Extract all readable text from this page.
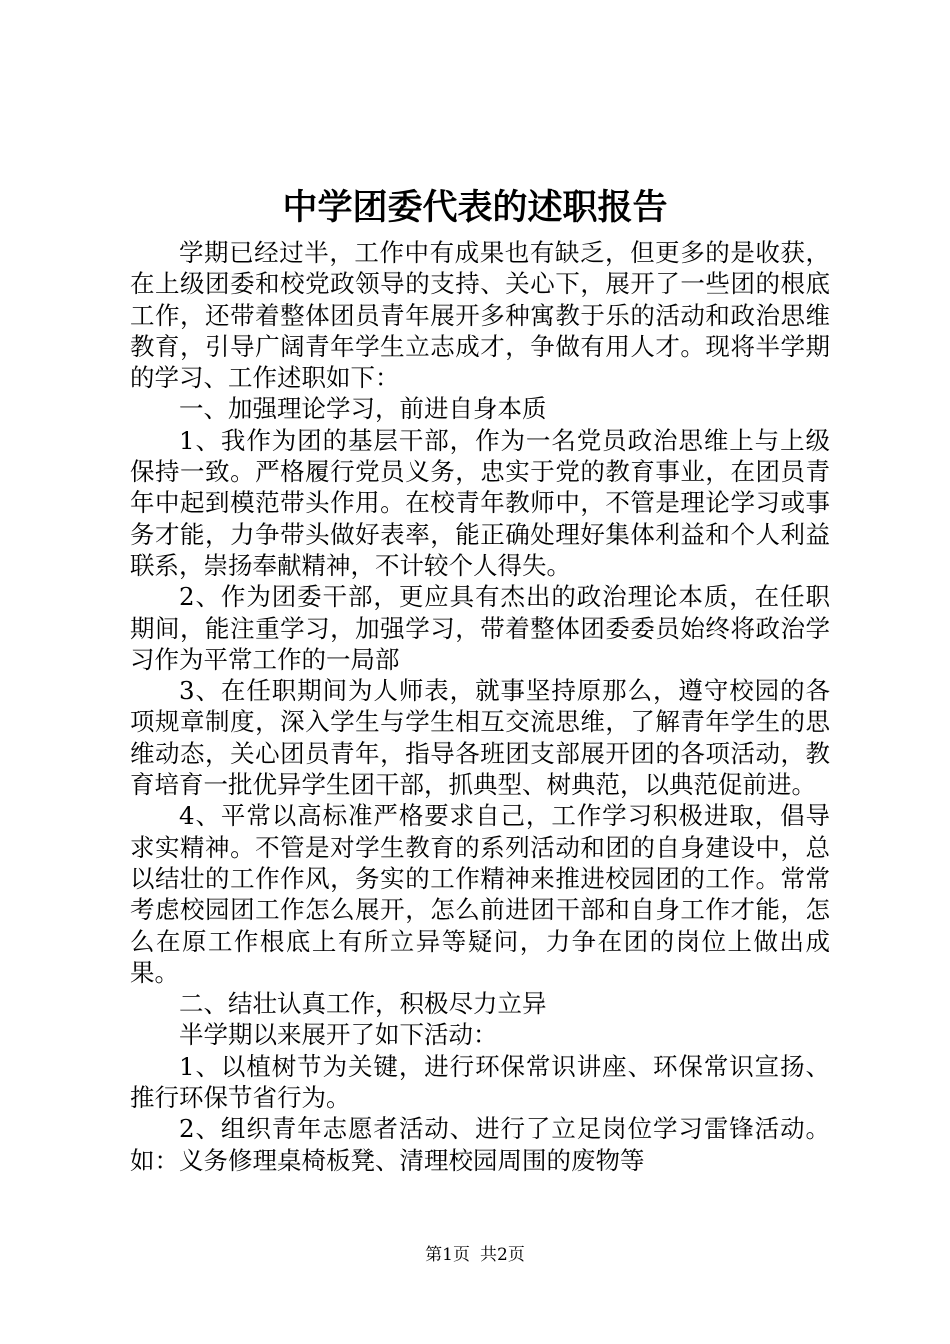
中学团委代表的述职报告

学期已经过半，工作中有成果也有缺乏，但更多的是收获，在上级团委和校党政领导的支持、关心下，展开了一些团的根底工作，还带着整体团员青年展开多种寓教于乐的活动和政治思维教育，引导广阔青年学生立志成才，争做有用人才。现将半学期的学习、工作述职如下：

一、加强理论学习，前进自身本质

1、我作为团的基层干部，作为一名党员政治思维上与上级保持一致。严格履行党员义务，忠实于党的教育事业，在团员青年中起到模范带头作用。在校青年教师中，不管是理论学习或事务才能，力争带头做好表率，能正确处理好集体利益和个人利益联系，崇扬奉献精神，不计较个人得失。

2、作为团委干部，更应具有杰出的政治理论本质，在任职期间，能注重学习，加强学习，带着整体团委委员始终将政治学习作为平常工作的一局部

3、在任职期间为人师表，就事坚持原那么，遵守校园的各项规章制度，深入学生与学生相互交流思维，了解青年学生的思维动态，关心团员青年，指导各班团支部展开团的各项活动，教育培育一批优异学生团干部，抓典型、树典范，以典范促前进。

4、平常以高标准严格要求自己，工作学习积极进取，倡导求实精神。不管是对学生教育的系列活动和团的自身建设中，总以结壮的工作作风，务实的工作精神来推进校园团的工作。常常考虑校园团工作怎么展开，怎么前进团干部和自身工作才能，怎么在原工作根底上有所立异等疑问，力争在团的岗位上做出成果。

二、结壮认真工作，积极尽力立异

半学期以来展开了如下活动：

1、以植树节为关键，进行环保常识讲座、环保常识宣扬、推行环保节省行为。

2、组织青年志愿者活动、进行了立足岗位学习雷锋活动。如：义务修理桌椅板凳、清理校园周围的废物等

第1页 共2页
